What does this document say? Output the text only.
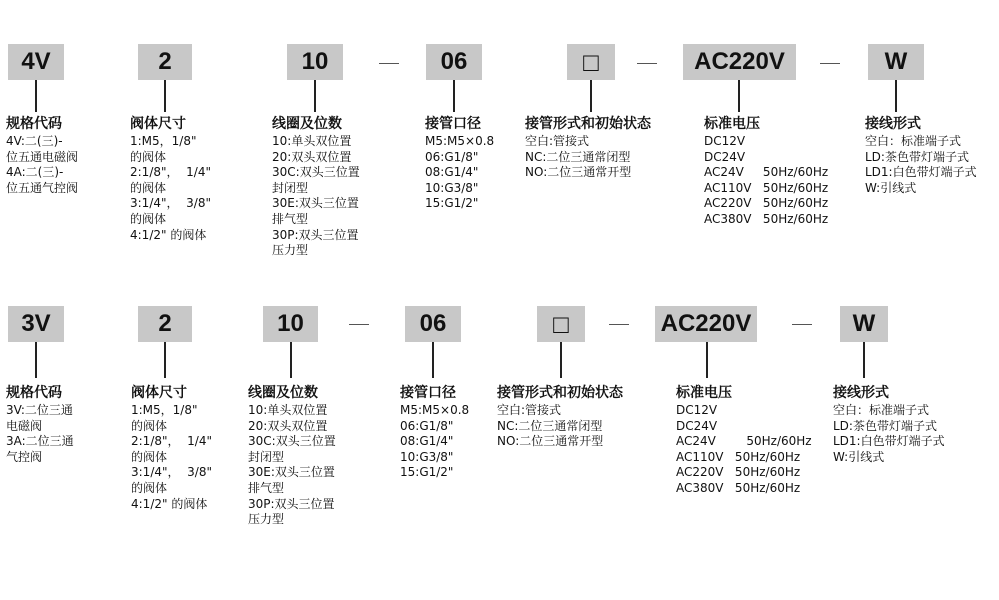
4V	2	10	06	□	AC220V	W
规格代码
4V:二(三)-
位五通电磁阀
4A:二(三)-
位五通气控阀
阀体尺寸
1:M5，1/8"
的阀体
2:1/8"，  1/4"
的阀体
3:1/4"，  3/8"
的阀体
4:1/2" 的阀体
线圈及位数
10:单头双位置
20:双头双位置
30C:双头三位置
封闭型
30E:双头三位置
排气型
30P:双头三位置
压力型
接管口径
M5:M5×0.8
06:G1/8"
08:G1/4"
10:G3/8"
15:G1/2"
接管形式和初始状态
空白:管接式
NC:二位三通常闭型
NO:二位三通常开型
标准电压
DC12V
DC24V
AC24V     50Hz/60Hz
AC110V   50Hz/60Hz
AC220V   50Hz/60Hz
AC380V   50Hz/60Hz
接线形式
空白：标准端子式
LD:茶色带灯端子式
LD1:白色带灯端子式
W:引线式
3V	2	10	06	□	AC220V	W
规格代码
3V:二位三通
电磁阀
3A:二位三通
气控阀
阀体尺寸
1:M5，1/8"
的阀体
2:1/8"，  1/4"
的阀体
3:1/4"，  3/8"
的阀体
4:1/2" 的阀体
线圈及位数
10:单头双位置
20:双头双位置
30C:双头三位置
封闭型
30E:双头三位置
排气型
30P:双头三位置
压力型
接管口径
M5:M5×0.8
06:G1/8"
08:G1/4"
10:G3/8"
15:G1/2"
接管形式和初始状态
空白:管接式
NC:二位三通常闭型
NO:二位三通常开型
标准电压
DC12V
DC24V
AC24V        50Hz/60Hz
AC110V   50Hz/60Hz
AC220V   50Hz/60Hz
AC380V   50Hz/60Hz
接线形式
空白：标准端子式
LD:茶色带灯端子式
LD1:白色带灯端子式
W:引线式
